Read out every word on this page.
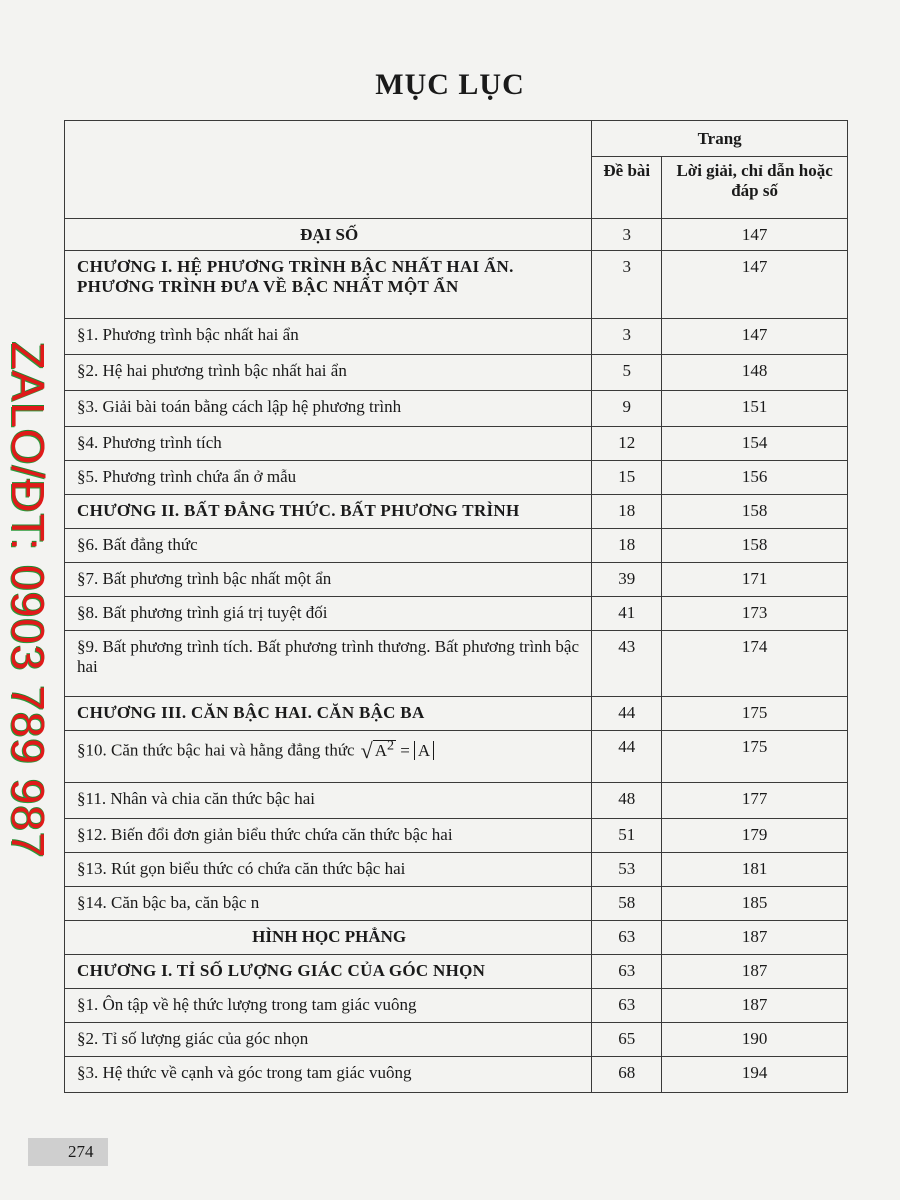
MỤC LỤC
ZALO/ĐT: 0903 789 987
	Trang	
	Đề bài	Lời giải, chỉ dẫn hoặc đáp số
ĐẠI SỐ	3	147
CHƯƠNG I. HỆ PHƯƠNG TRÌNH BẬC NHẤT HAI ẨN. PHƯƠNG TRÌNH ĐƯA VỀ BẬC NHẤT MỘT ẨN	3	147
§1. Phương trình bậc nhất hai ẩn	3	147
§2. Hệ hai phương trình bậc nhất hai ẩn	5	148
§3. Giải bài toán bằng cách lập hệ phương trình	9	151
§4. Phương trình tích	12	154
§5. Phương trình chứa ẩn ở mẫu	15	156
CHƯƠNG II. BẤT ĐẲNG THỨC. BẤT PHƯƠNG TRÌNH	18	158
§6. Bất đẳng thức	18	158
§7. Bất phương trình bậc nhất một ẩn	39	171
§8. Bất phương trình giá trị tuyệt đối	41	173
§9. Bất phương trình tích. Bất phương trình thương. Bất phương trình bậc hai	43	174
CHƯƠNG III. CĂN BẬC HAI. CĂN BẬC BA	44	175
§10. Căn thức bậc hai và hằng đẳng thức √ $A^2 = A$	44	175
§11. Nhân và chia căn thức bậc hai	48	177
§12. Biến đổi đơn giản biểu thức chứa căn thức bậc hai	51	179
§13. Rút gọn biểu thức có chứa căn thức bậc hai	53	181
§14. Căn bậc ba, căn bậc n	58	185
HÌNH HỌC PHẲNG	63	187
CHƯƠNG I. TỈ SỐ LƯỢNG GIÁC CỦA GÓC NHỌN	63	187
§1. Ôn tập về hệ thức lượng trong tam giác vuông	63	187
§2. Tỉ số lượng giác của góc nhọn	65	190
§3. Hệ thức về cạnh và góc trong tam giác vuông	68	194
274
